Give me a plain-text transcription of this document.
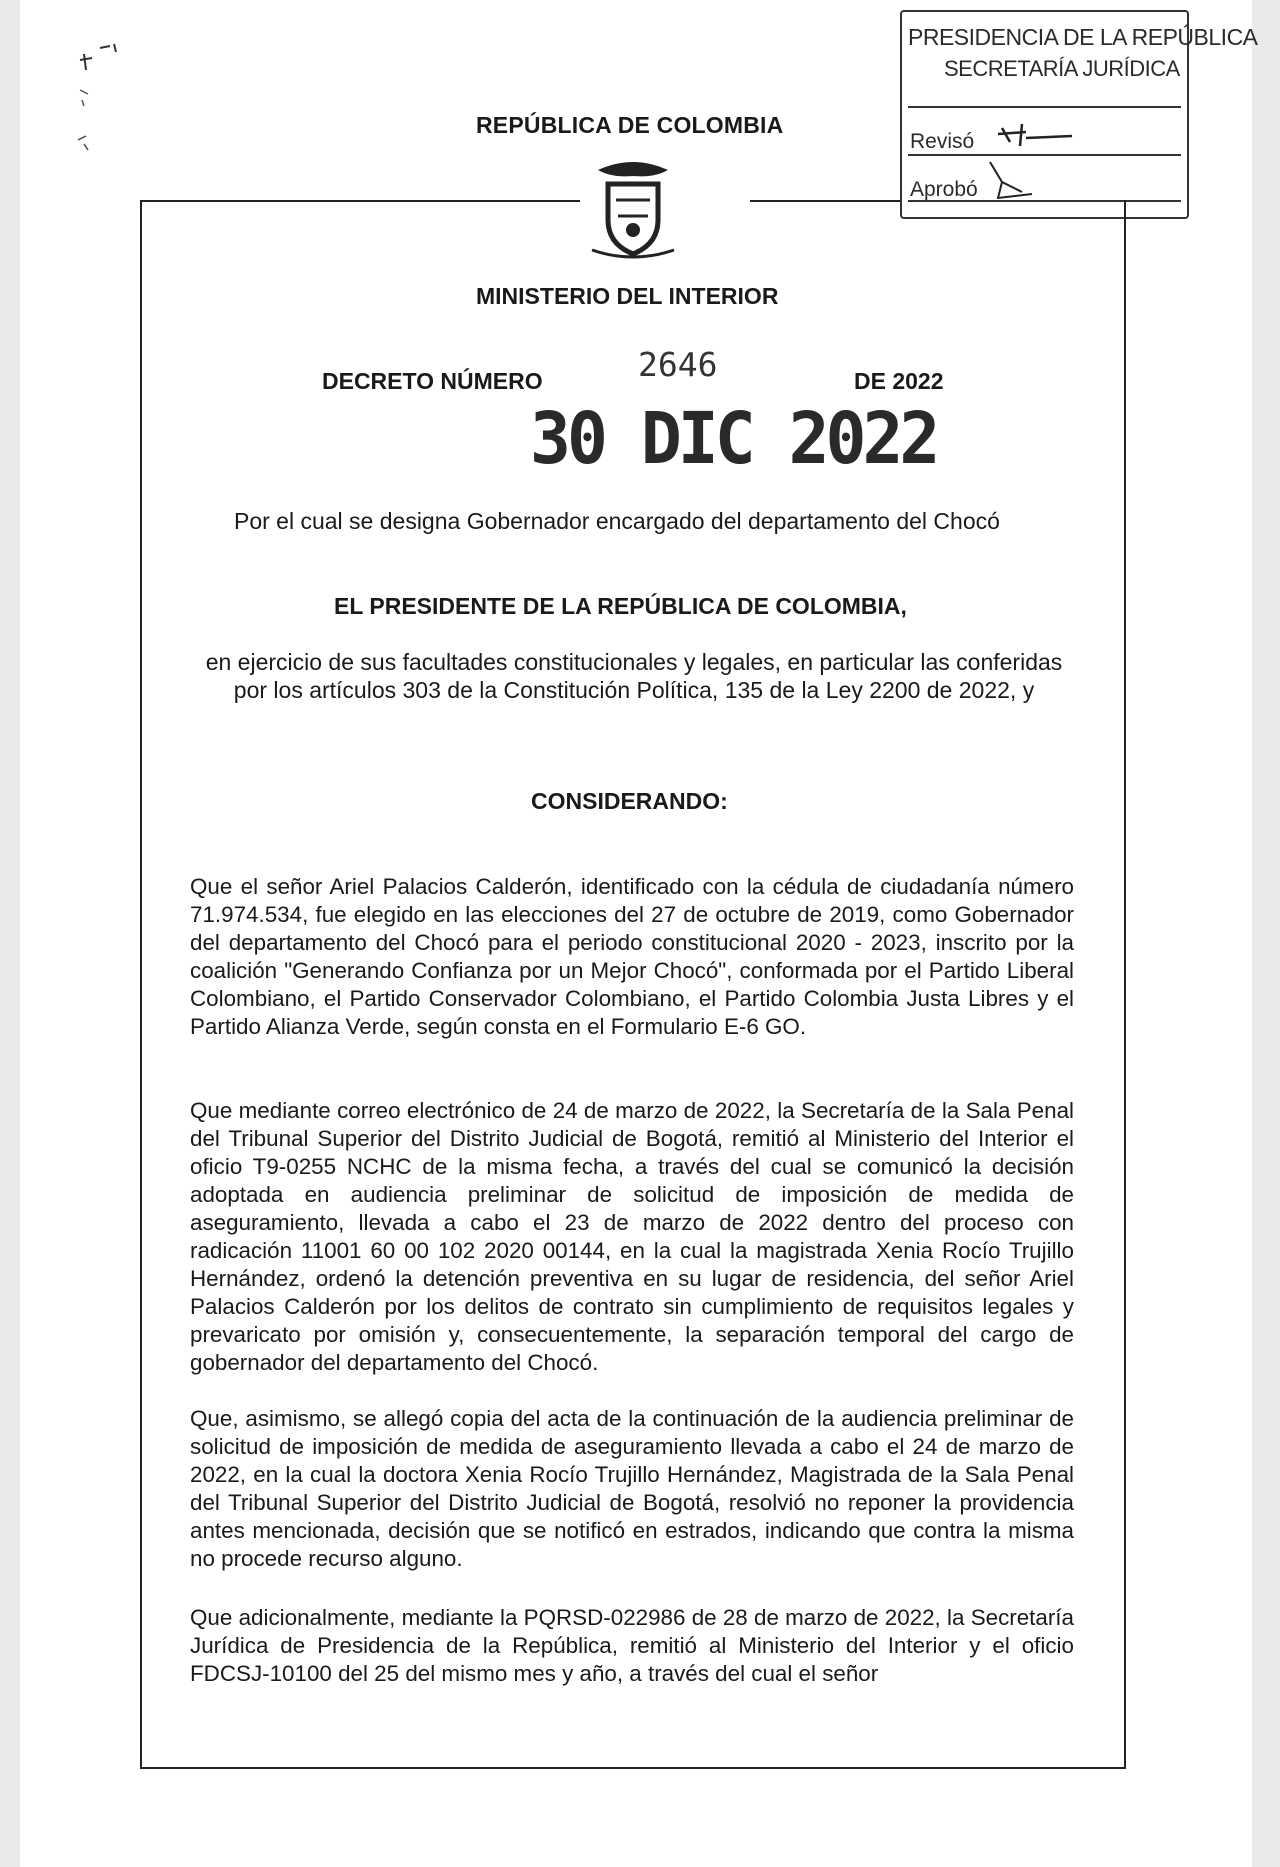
PRESIDENCIA DE LA REPÚBLICA
SECRETARÍA JURÍDICA
Revisó
Aprobó
REPÚBLICA DE COLOMBIA
MINISTERIO DEL INTERIOR
DECRETO NÚMERO	2646	DE 2022
30 DIC 2022
Por el cual se designa Gobernador encargado del departamento del Chocó
EL PRESIDENTE DE LA REPÚBLICA DE COLOMBIA,
en ejercicio de sus facultades constitucionales y legales, en particular las conferidas por los artículos 303 de la Constitución Política, 135 de la Ley 2200 de 2022, y
CONSIDERANDO:
Que el señor Ariel Palacios Calderón, identificado con la cédula de ciudadanía número 71.974.534, fue elegido en las elecciones del 27 de octubre de 2019, como Gobernador del departamento del Chocó para el periodo constitucional 2020 - 2023, inscrito por la coalición "Generando Confianza por un Mejor Chocó", conformada por el Partido Liberal Colombiano, el Partido Conservador Colombiano, el Partido Colombia Justa Libres y el Partido Alianza Verde, según consta en el Formulario E-6 GO.
Que mediante correo electrónico de 24 de marzo de 2022, la Secretaría de la Sala Penal del Tribunal Superior del Distrito Judicial de Bogotá, remitió al Ministerio del Interior el oficio T9-0255 NCHC de la misma fecha, a través del cual se comunicó la decisión adoptada en audiencia preliminar de solicitud de imposición de medida de aseguramiento, llevada a cabo el 23 de marzo de 2022 dentro del proceso con radicación 11001 60 00 102 2020 00144, en la cual la magistrada Xenia Rocío Trujillo Hernández, ordenó la detención preventiva en su lugar de residencia, del señor Ariel Palacios Calderón por los delitos de contrato sin cumplimiento de requisitos legales y prevaricato por omisión y, consecuentemente, la separación temporal del cargo de gobernador del departamento del Chocó.
Que, asimismo, se allegó copia del acta de la continuación de la audiencia preliminar de solicitud de imposición de medida de aseguramiento llevada a cabo el 24 de marzo de 2022, en la cual la doctora Xenia Rocío Trujillo Hernández, Magistrada de la Sala Penal del Tribunal Superior del Distrito Judicial de Bogotá, resolvió no reponer la providencia antes mencionada, decisión que se notificó en estrados, indicando que contra la misma no procede recurso alguno.
Que adicionalmente, mediante la PQRSD-022986 de 28 de marzo de 2022, la Secretaría Jurídica de Presidencia de la República, remitió al Ministerio del Interior y el oficio FDCSJ-10100 del 25 del mismo mes y año, a través del cual el señor
